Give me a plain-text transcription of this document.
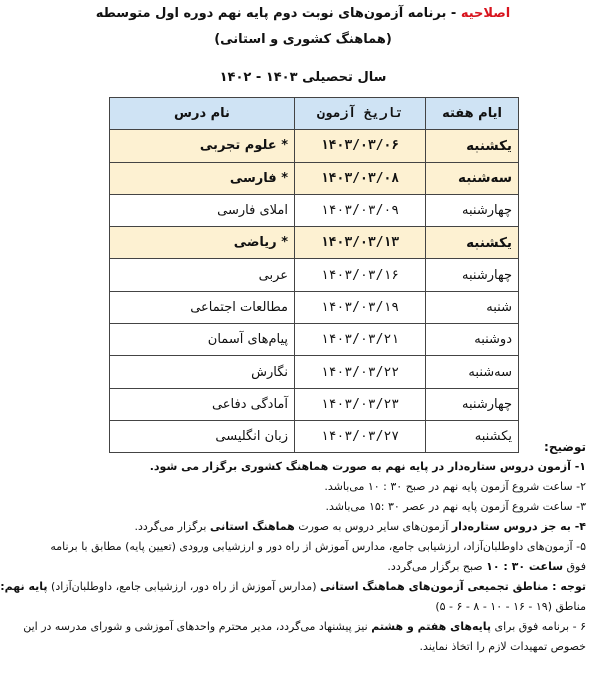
اصلاحیه - برنامه آزمون‌های نوبت دوم پایه نهم دوره اول متوسطه
(هماهنگ کشوری و استانی)
سال تحصیلی ۱۴۰۳ - ۱۴۰۲
ایام هفته	تاریخ آزمون	نام درس
یکشنبه	۱۴۰۳/۰۳/۰۶	* علوم تجربی
سه‌شنبه	۱۴۰۳/۰۳/۰۸	* فارسی
چهارشنبه	۱۴۰۳/۰۳/۰۹	املای فارسی
یکشنبه	۱۴۰۳/۰۳/۱۳	* ریاضی
چهارشنبه	۱۴۰۳/۰۳/۱۶	عربی
شنبه	۱۴۰۳/۰۳/۱۹	مطالعات اجتماعی
دوشنبه	۱۴۰۳/۰۳/۲۱	پیام‌های آسمان
سه‌شنبه	۱۴۰۳/۰۳/۲۲	نگارش
چهارشنبه	۱۴۰۳/۰۳/۲۳	آمادگی دفاعی
یکشنبه	۱۴۰۳/۰۳/۲۷	زبان انگلیسی

توضیح:

۱- آزمون دروس ستاره‌دار در پایه نهم به صورت هماهنگ کشوری برگزار می شود.

۲- ساعت شروع آزمون پایه نهم در صبح ۳۰ : ۱۰ می‌باشد.

۳- ساعت شروع آزمون پایه نهم در عصر ۳۰ :۱۵ می‌باشد.

۴- به جز دروس ستاره‌دار آزمون‌های سایر دروس به صورت هماهنگ استانی برگزار می‌گردد.

۵- آزمون‌های داوطلبان‌آزاد، ارزشیابی جامع، مدارس آموزش از راه دور و ارزشیابی ورودی (تعیین پایه) مطابق با برنامه

فوق ساعت ۳۰ : ۱۰ صبح برگزار می‌گردد.

توجه : مناطق تجمیعی آزمون‌های هماهنگ استانی (مدارس آموزش از راه دور، ارزشیابی جامع، داوطلبان‌آزاد) پایه نهم:

مناطق (۱۹ - ۱۶ - ۱۰ - ۸ - ۶ - ۵)

۶ - برنامه فوق برای پایه‌های هفتم و هشتم نیز پیشنهاد می‌گردد، مدیر محترم واحدهای آموزشی و شورای مدرسه در این

خصوص تمهیدات لازم را اتخاذ نمایند.
